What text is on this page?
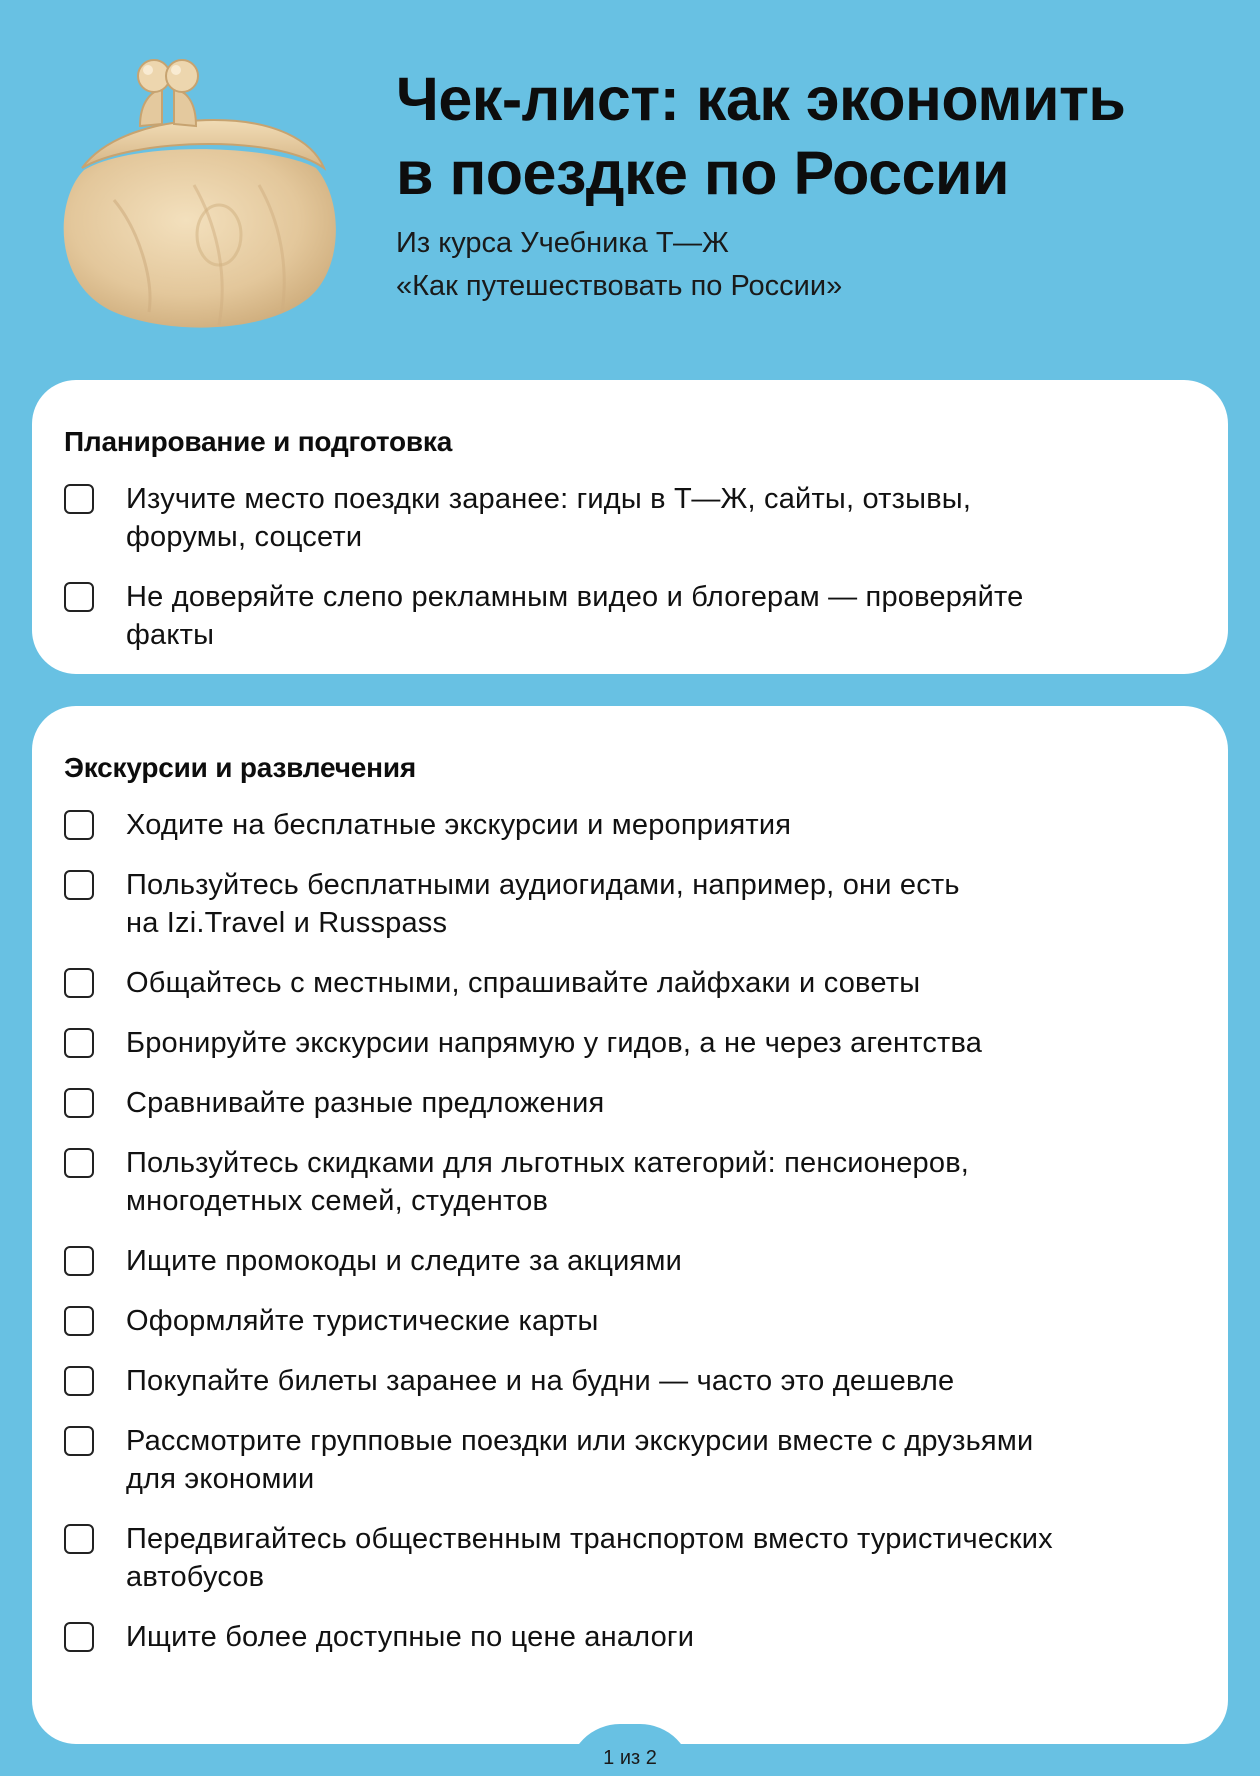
Чек-лист: как экономить
в поездке по России
Из курса Учебника Т—Ж
«Как путешествовать по России»
Планирование и подготовка
Изучите место поездки заранее: гиды в Т—Ж, сайты, отзывы,
форумы, соцсети
Не доверяйте слепо рекламным видео и блогерам — проверяйте
факты
Экскурсии и развлечения
Ходите на бесплатные экскурсии и мероприятия
Пользуйтесь бесплатными аудиогидами, например, они есть
на Izi.Travel и Russpass
Общайтесь с местными, спрашивайте лайфхаки и советы
Бронируйте экскурсии напрямую у гидов, а не через агентства
Сравнивайте разные предложения
Пользуйтесь скидками для льготных категорий: пенсионеров,
многодетных семей, студентов
Ищите промокоды и следите за акциями
Оформляйте туристические карты
Покупайте билеты заранее и на будни — часто это дешевле
Рассмотрите групповые поездки или экскурсии вместе с друзьями
для экономии
Передвигайтесь общественным транспортом вместо туристических
автобусов
Ищите более доступные по цене аналоги
1 из 2
